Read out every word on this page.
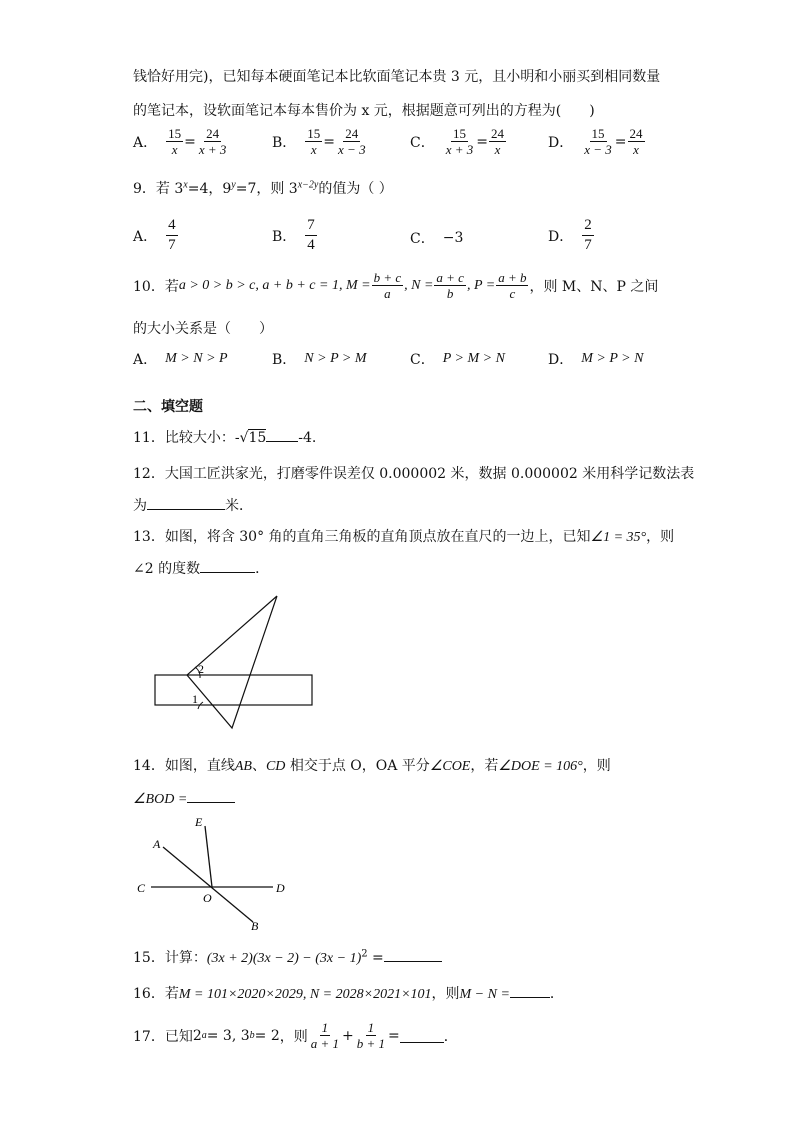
钱恰好用完)，已知每本硬面笔记本比软面笔记本贵 3 元，且小明和小丽买到相同数量
的笔记本，设软面笔记本每本售价为 x 元，根据题意可列出的方程为(　　)
A． $\frac{15}{x} = \frac{24}{x + 3}$	B． $\frac{15}{x} = \frac{24}{x - 3}$	C． $\frac{15}{x + 3} = \frac{24}{x}$	D． $\frac{15}{x - 3} = \frac{24}{x}$
9．若 $3^x=4$，$9^y=7$，则 $3^{x-2y}$的值为（ ）
A． $\frac{4}{7}$	B． $\frac{7}{4}$	C． −3	D． $\frac{2}{7}$
10．若 a > 0 > b > c, a + b + c = 1, $M = \frac{b + c}{a}$ , $N = \frac{a + c}{b}$ , $P = \frac{a + b}{c}$ ，则 M、N、P 之间
的大小关系是（　　）
A． M > N > P	B． N > P > M	C． P > M > N	D． M > P > N
二、填空题
11．比较大小：-√15 -4.
12．大国工匠洪家光，打磨零件误差仅 0.000002 米，数据 0.000002 米用科学记数法表
为	米．
13．如图，将含 30° 角的直角三角板的直角顶点放在直尺的一边上，已知∠1 = 35°，则
∠2 的度数	．
2
1
14．如图，直线AB、CD 相交于点 O，OA 平分∠COE，若∠DOE = 106°，则
∠BOD =
E
A
C	D
O
B
15．计算：$(3x + 2)(3x - 2) - (3x - 1)^2$ =
16．若M = 101×2020×2029, N = 2028×2021×101，则M − N =	．
17．已知 2 a = 3, 3 b = 2 ，则 $\frac{1}{a + 1} + \frac{1}{b + 1}$ =	．
